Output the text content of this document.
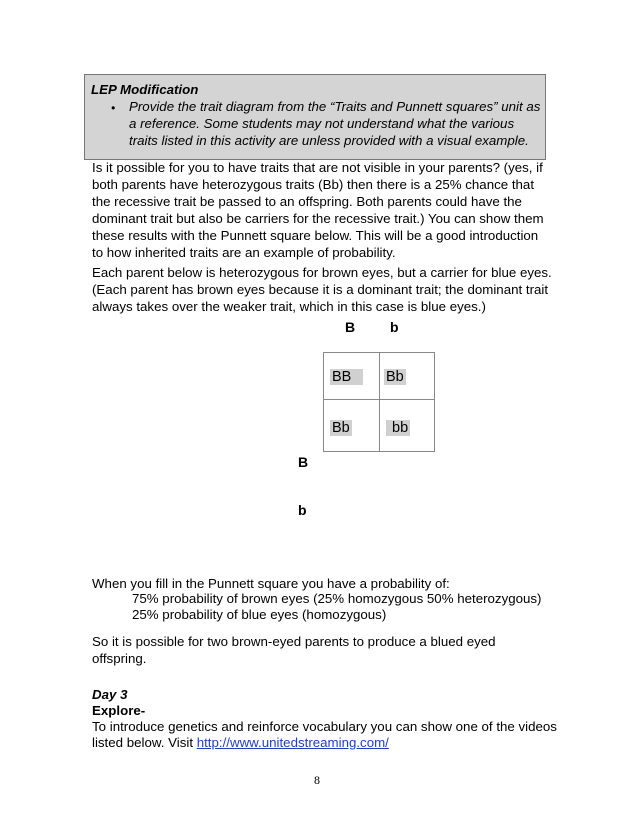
LEP Modification
• Provide the trait diagram from the “Traits and Punnett squares” unit as a reference. Some students may not understand what the various traits listed in this activity are unless provided with a visual example.
Is it possible for you to have traits that are not visible in your parents? (yes, if both parents have heterozygous traits (Bb) then there is a 25% chance that the recessive trait be passed to an offspring. Both parents could have the dominant trait but also be carriers for the recessive trait.) You can show them these results with the Punnett square below. This will be a good introduction to how inherited traits are an example of probability.
Each parent below is heterozygous for brown eyes, but a carrier for blue eyes. (Each parent has brown eyes because it is a dominant trait; the dominant trait always takes over the weaker trait, which in this case is blue eyes.)
B b
BB	Bb
Bb	bb
B
b
When you fill in the Punnett square you have a probability of:
75% probability of brown eyes (25% homozygous 50% heterozygous)
25% probability of blue eyes (homozygous)
So it is possible for two brown-eyed parents to produce a blued eyed offspring.
Day 3
Explore-
To introduce genetics and reinforce vocabulary you can show one of the videos
listed below. Visit http://www.unitedstreaming.com/
8
